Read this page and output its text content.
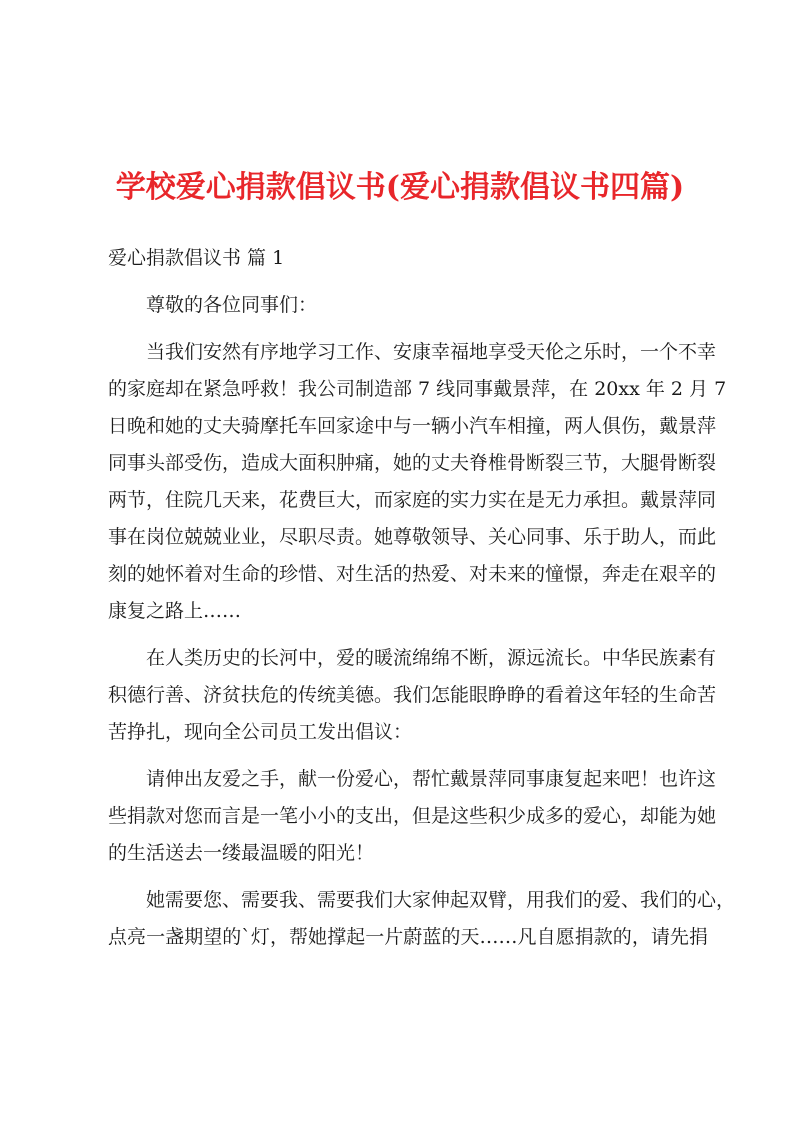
学校爱心捐款倡议书(爱心捐款倡议书四篇)
爱心捐款倡议书 篇 1
尊敬的各位同事们：
当我们安然有序地学习工作、安康幸福地享受天伦之乐时，一个不幸
的家庭却在紧急呼救！我公司制造部 7 线同事戴景萍，在 20xx 年 2 月 7
日晚和她的丈夫骑摩托车回家途中与一辆小汽车相撞，两人俱伤，戴景萍
同事头部受伤，造成大面积肿痛，她的丈夫脊椎骨断裂三节，大腿骨断裂
两节，住院几天来，花费巨大，而家庭的实力实在是无力承担。戴景萍同
事在岗位兢兢业业，尽职尽责。她尊敬领导、关心同事、乐于助人，而此
刻的她怀着对生命的珍惜、对生活的热爱、对未来的憧憬，奔走在艰辛的
康复之路上……
在人类历史的长河中，爱的暖流绵绵不断，源远流长。中华民族素有
积德行善、济贫扶危的传统美德。我们怎能眼睁睁的看着这年轻的生命苦
苦挣扎，现向全公司员工发出倡议：
请伸出友爱之手，献一份爱心，帮忙戴景萍同事康复起来吧！也许这
些捐款对您而言是一笔小小的支出，但是这些积少成多的爱心，却能为她
的生活送去一缕最温暖的阳光！
她需要您、需要我、需要我们大家伸起双臂，用我们的爱、我们的心，
点亮一盏期望的`灯，帮她撑起一片蔚蓝的天……凡自愿捐款的，请先捐
